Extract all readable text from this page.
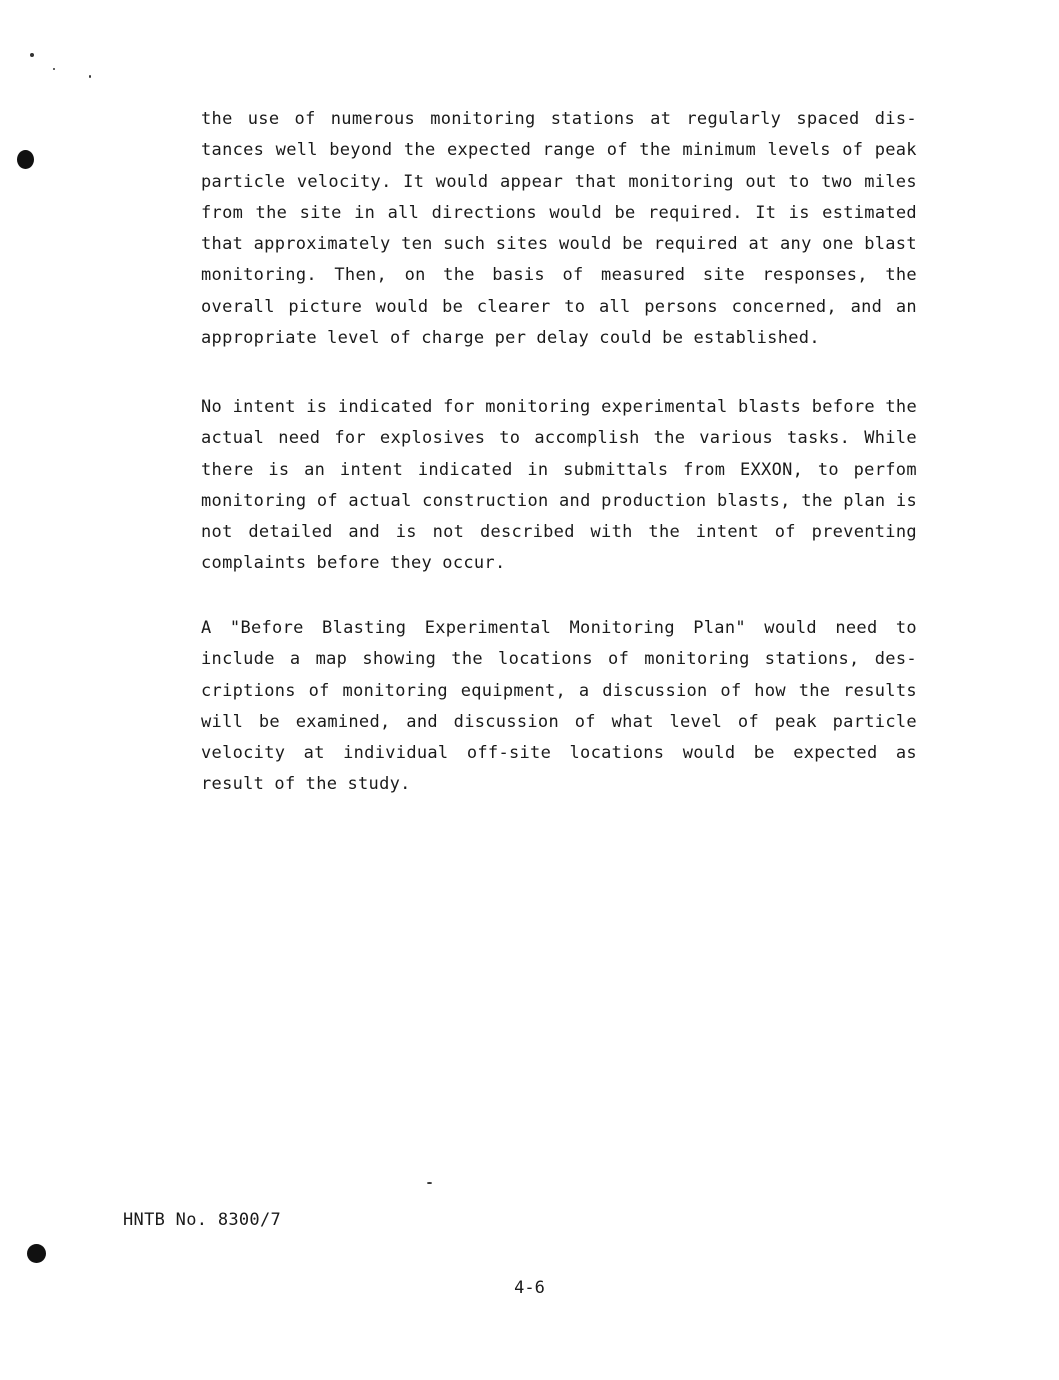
the use of numerous monitoring stations at regularly spaced dis-
tances well beyond the expected range of the minimum levels of peak
particle velocity. It would appear that monitoring out to two miles
from the site in all directions would be required. It is estimated
that approximately ten such sites would be required at any one blast
monitoring. Then, on the basis of measured site responses, the
overall picture would be clearer to all persons concerned, and an
appropriate level of charge per delay could be established.
No intent is indicated for monitoring experimental blasts before the
actual need for explosives to accomplish the various tasks. While
there is an intent indicated in submittals from EXXON, to perfom
monitoring of actual construction and production blasts, the plan is
not detailed and is not described with the intent of preventing
complaints before they occur.
A "Before Blasting Experimental Monitoring Plan" would need to
include a map showing the locations of monitoring stations, des-
criptions of monitoring equipment, a discussion of how the results
will be examined, and discussion of what level of peak particle
velocity at individual off-site locations would be expected as
result of the study.
HNTB No. 8300/7
4-6
